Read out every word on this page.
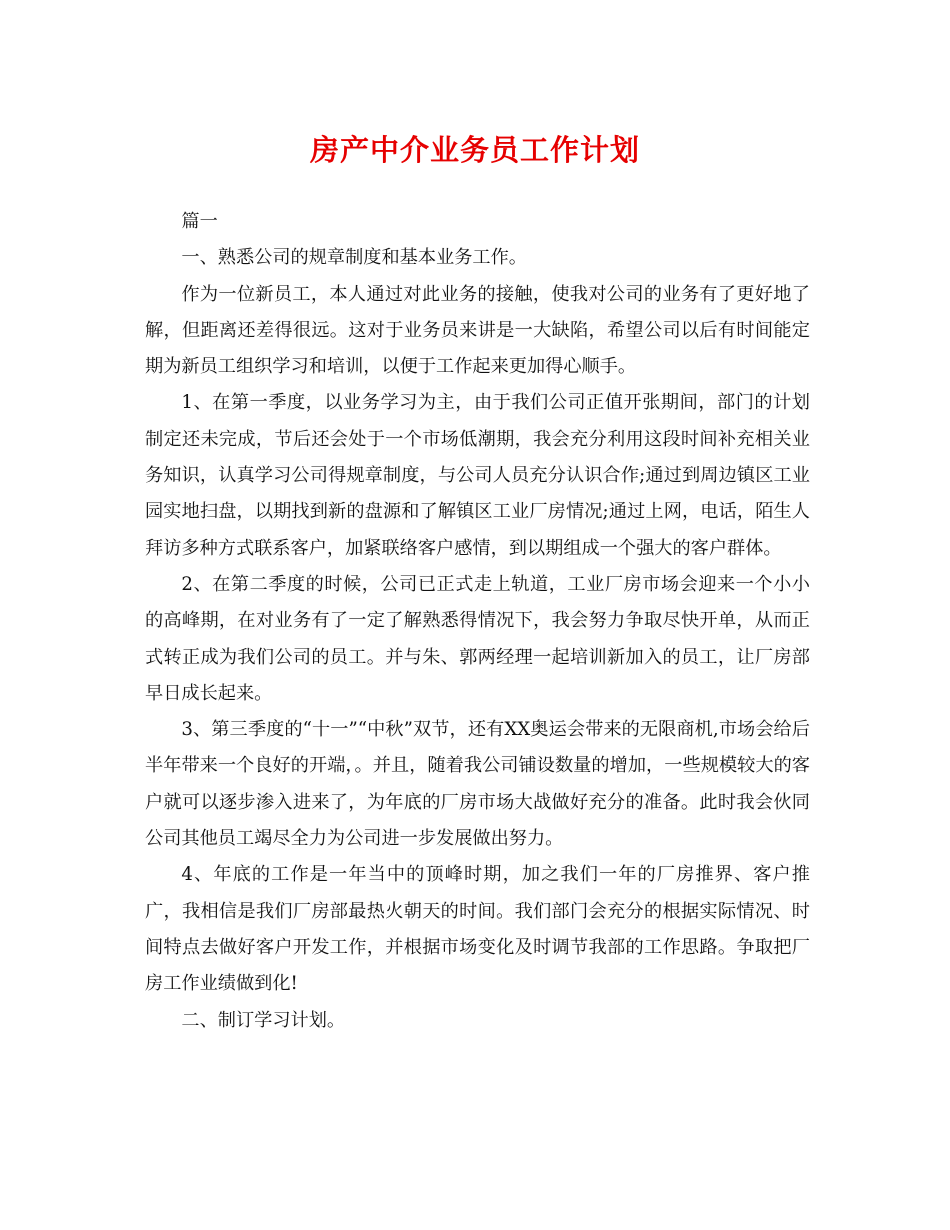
房产中介业务员工作计划

篇一

一、熟悉公司的规章制度和基本业务工作。

作为一位新员工，本人通过对此业务的接触，使我对公司的业务有了更好地了解，但距离还差得很远。这对于业务员来讲是一大缺陷，希望公司以后有时间能定期为新员工组织学习和培训，以便于工作起来更加得心顺手。

1、在第一季度，以业务学习为主，由于我们公司正值开张期间，部门的计划制定还未完成，节后还会处于一个市场低潮期，我会充分利用这段时间补充相关业务知识，认真学习公司得规章制度，与公司人员充分认识合作;通过到周边镇区工业园实地扫盘，以期找到新的盘源和了解镇区工业厂房情况;通过上网，电话，陌生人拜访多种方式联系客户，加紧联络客户感情，到以期组成一个强大的客户群体。

2、在第二季度的时候，公司已正式走上轨道，工业厂房市场会迎来一个小小的高峰期，在对业务有了一定了解熟悉得情况下，我会努力争取尽快开单，从而正式转正成为我们公司的员工。并与朱、郭两经理一起培训新加入的员工，让厂房部早日成长起来。

3、第三季度的“十一”“中秋”双节，还有XX奥运会带来的无限商机,市场会给后半年带来一个良好的开端，。并且，随着我公司铺设数量的增加，一些规模较大的客户就可以逐步渗入进来了，为年底的厂房市场大战做好充分的准备。此时我会伙同公司其他员工竭尽全力为公司进一步发展做出努力。

4、年底的工作是一年当中的顶峰时期，加之我们一年的厂房推界、客户推广，我相信是我们厂房部最热火朝天的时间。我们部门会充分的根据实际情况、时间特点去做好客户开发工作，并根据市场变化及时调节我部的工作思路。争取把厂房工作业绩做到化!

二、制订学习计划。
